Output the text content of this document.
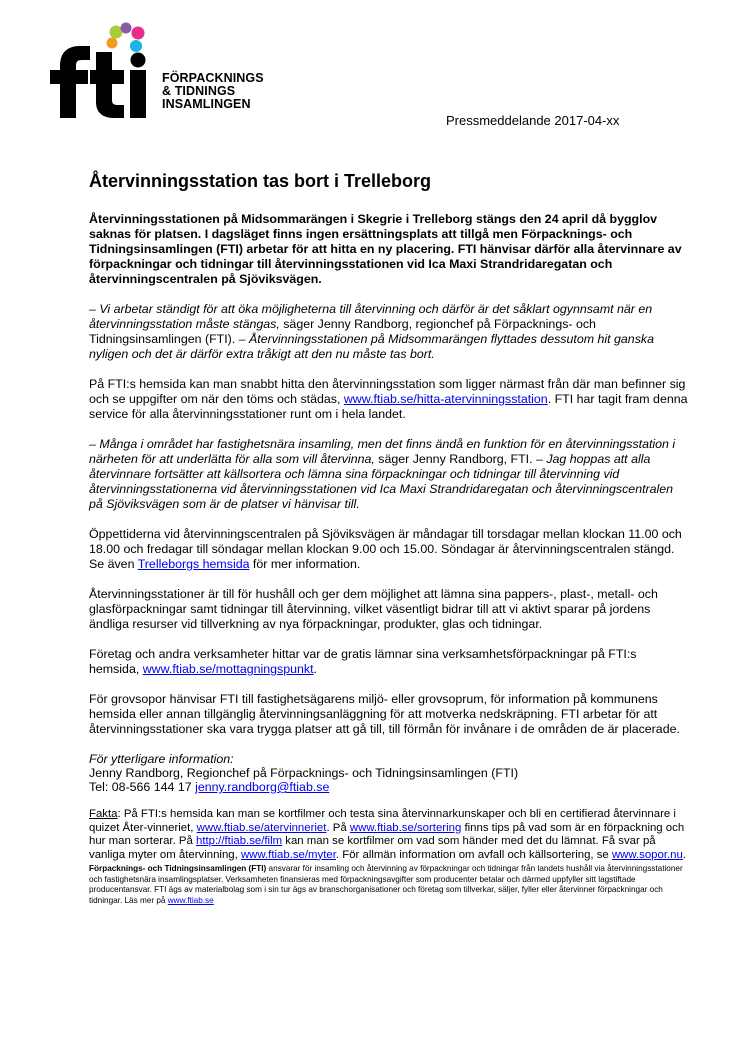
FÖRPACKNINGS
& TIDNINGS
INSAMLINGEN
Pressmeddelande 2017-04-xx
Återvinningsstation tas bort i Trelleborg

Återvinningsstationen på Midsommarängen i Skegrie i Trelleborg stängs den 24 april då bygglov saknas för platsen. I dagsläget finns ingen ersättningsplats att tillgå men Förpacknings- och Tidningsinsamlingen (FTI) arbetar för att hitta en ny placering. FTI hänvisar därför alla återvinnare av förpackningar och tidningar till återvinningsstationen vid Ica Maxi Strandridaregatan och återvinningscentralen på Sjöviksvägen.

– Vi arbetar ständigt för att öka möjligheterna till återvinning och därför är det såklart ogynnsamt när en återvinningsstation måste stängas, säger Jenny Randborg, regionchef på Förpacknings- och Tidningsinsamlingen (FTI). – Återvinningsstationen på Midsommarängen flyttades dessutom hit ganska nyligen och det är därför extra tråkigt att den nu måste tas bort.

På FTI:s hemsida kan man snabbt hitta den återvinningsstation som ligger närmast från där man befinner sig och se uppgifter om när den töms och städas, www.ftiab.se/hitta-atervinningsstation. FTI har tagit fram denna service för alla återvinningsstationer runt om i hela landet.

– Många i området har fastighetsnära insamling, men det finns ändå en funktion för en återvinningsstation i närheten för att underlätta för alla som vill återvinna, säger Jenny Randborg, FTI. – Jag hoppas att alla återvinnare fortsätter att källsortera och lämna sina förpackningar och tidningar till återvinning vid återvinningsstationerna vid återvinningsstationen vid Ica Maxi Strandridaregatan och återvinningscentralen på Sjöviksvägen som är de platser vi hänvisar till.

Öppettiderna vid återvinningscentralen på Sjöviksvägen är måndagar till torsdagar mellan klockan 11.00 och 18.00 och fredagar till söndagar mellan klockan 9.00 och 15.00. Söndagar är återvinningscentralen stängd. Se även Trelleborgs hemsida för mer information.

Återvinningsstationer är till för hushåll och ger dem möjlighet att lämna sina pappers-, plast-, metall- och glasförpackningar samt tidningar till återvinning, vilket väsentligt bidrar till att vi aktivt sparar på jordens ändliga resurser vid tillverkning av nya förpackningar, produkter, glas och tidningar.

Företag och andra verksamheter hittar var de gratis lämnar sina verksamhetsförpackningar på FTI:s hemsida, www.ftiab.se/mottagningspunkt.

För grovsopor hänvisar FTI till fastighetsägarens miljö- eller grovsoprum, för information på kommunens hemsida eller annan tillgänglig återvinningsanläggning för att motverka nedskräpning. FTI arbetar för att återvinningsstationer ska vara trygga platser att gå till, till förmån för invånare i de områden de är placerade.

För ytterligare information:
Jenny Randborg, Regionchef på Förpacknings- och Tidningsinsamlingen (FTI)
Tel: 08-566 144 17 jenny.randborg@ftiab.se

Fakta: På FTI:s hemsida kan man se kortfilmer och testa sina återvinnarkunskaper och bli en certifierad återvinnare i quizet Åter-vinneriet, www.ftiab.se/atervinneriet. På www.ftiab.se/sortering finns tips på vad som är en förpackning och hur man sorterar. På http://ftiab.se/film kan man se kortfilmer om vad som händer med det du lämnat. Få svar på vanliga myter om återvinning, www.ftiab.se/myter. För allmän information om avfall och källsortering, se www.sopor.nu.

Förpacknings- och Tidningsinsamlingen (FTI) ansvarar för insamling och återvinning av förpackningar och tidningar från landets hushåll via återvinningsstationer och fastighetsnära insamlingsplatser. Verksamheten finansieras med förpackningsavgifter som producenter betalar och därmed uppfyller sitt lagstiftade producentansvar. FTI ägs av materialbolag som i sin tur ägs av branschorganisationer och företag som tillverkar, säljer, fyller eller återvinner förpackningar och tidningar. Läs mer på www.ftiab.se
